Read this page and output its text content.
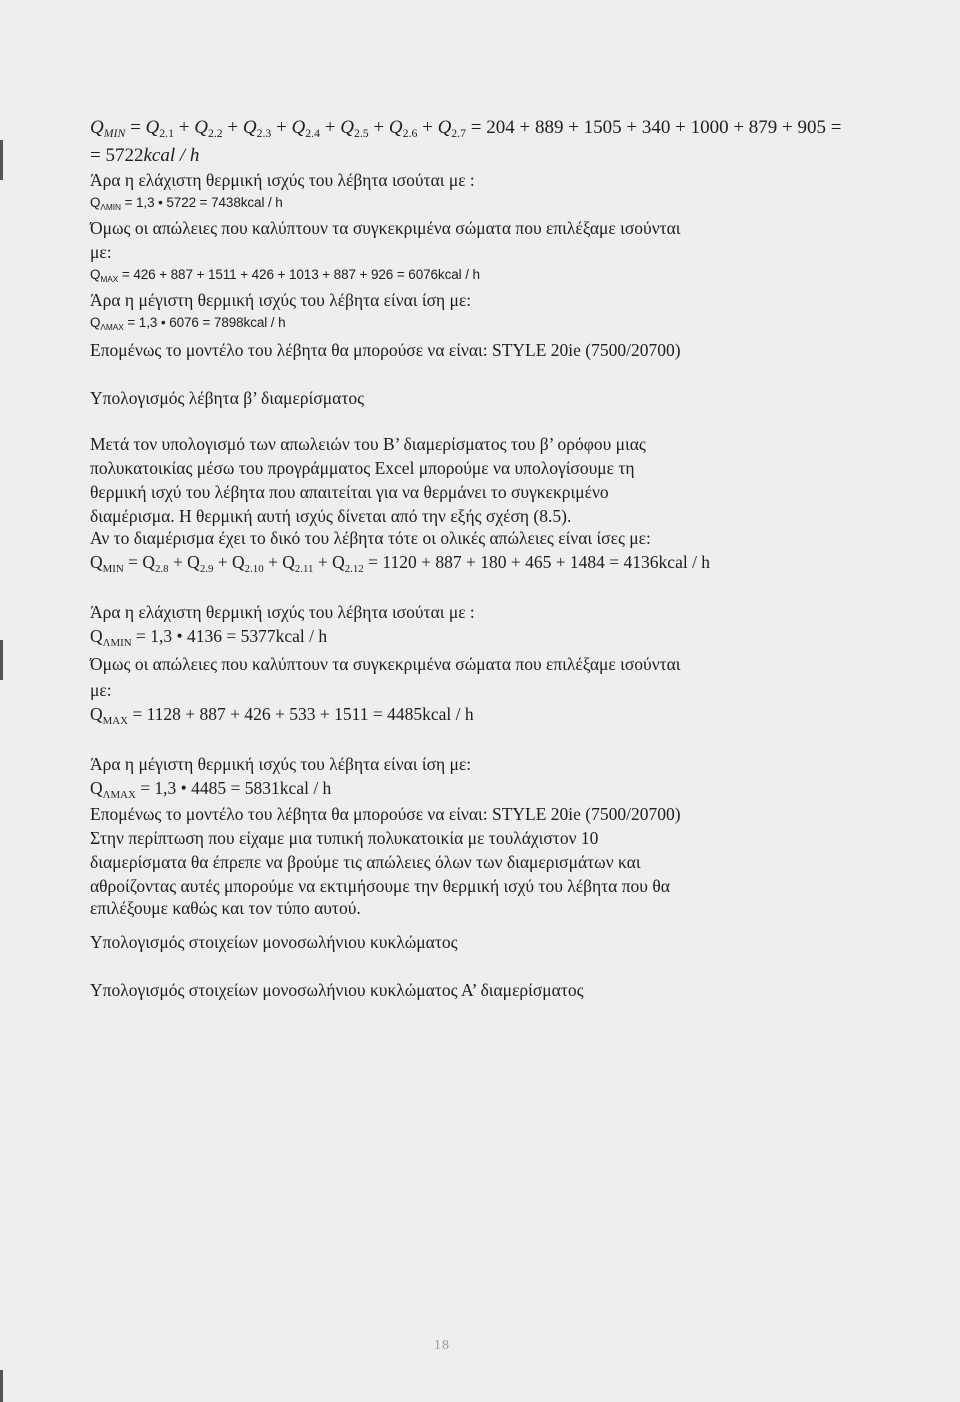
$Q_{MIN} = Q_{2.1} + Q_{2.2} + Q_{2.3} + Q_{2.4} + Q_{2.5} + Q_{2.6} + Q_{2.7} = 204 + 889 + 1505 + 340 + 1000 + 879 + 905$ =
= 5722kcal / h
Άρα η ελάχιστη θερμική ισχύς του λέβητα ισούται με :
$Q_{\Lambda MIN} = 1,3$ • 5722 = 7438kcal / h
Όμως οι απώλειες που καλύπτουν τα συγκεκριμένα σώματα που επιλέξαμε ισούνται
με:
$Q_{MAX} = 426 + 887 + 1511 + 426 + 1013 + 887 + 926$ = 6076kcal / h
Άρα η μέγιστη θερμική ισχύς του λέβητα είναι ίση με:
$Q_{\Lambda MAX} = 1,3$ • 6076 = 7898kcal / h
Επομένως το μοντέλο του λέβητα θα μπορούσε να είναι: STYLE 20ie (7500/20700)
Υπολογισμός λέβητα β’ διαμερίσματος
Μετά τον υπολογισμό των απωλειών του Β’ διαμερίσματος του β’ ορόφου μιας
πολυκατοικίας μέσω του προγράμματος Excel μπορούμε να υπολογίσουμε τη
θερμική ισχύ του λέβητα που απαιτείται για να θερμάνει το συγκεκριμένο
διαμέρισμα. Η θερμική αυτή ισχύς δίνεται από την εξής σχέση (8.5).
Αν το διαμέρισμα έχει το δικό του λέβητα τότε οι ολικές απώλειες είναι ίσες με:
$Q_{MIN} = Q_{2.8} + Q_{2.9} + Q_{2.10} + Q_{2.11} + Q_{2.12} = 1120 + 887 + 180 + 465 + 1484$ = 4136kcal / h
Άρα η ελάχιστη θερμική ισχύς του λέβητα ισούται με :
$Q_{\Lambda MIN} = 1,3$ • 4136 = 5377kcal / h
Όμως οι απώλειες που καλύπτουν τα συγκεκριμένα σώματα που επιλέξαμε ισούνται
με:
$Q_{MAX} = 1128 + 887 + 426 + 533 + 1511$ = 4485kcal / h
Άρα η μέγιστη θερμική ισχύς του λέβητα είναι ίση με:
$Q_{\Lambda MAX} = 1,3$ • 4485 = 5831kcal / h
Επομένως το μοντέλο του λέβητα θα μπορούσε να είναι: STYLE 20ie (7500/20700)
Στην περίπτωση που είχαμε μια τυπική πολυκατοικία με τουλάχιστον 10
διαμερίσματα θα έπρεπε να βρούμε τις απώλειες όλων των διαμερισμάτων και
αθροίζοντας αυτές μπορούμε να εκτιμήσουμε την θερμική ισχύ του λέβητα που θα
επιλέξουμε καθώς και τον τύπο αυτού.
Υπολογισμός στοιχείων μονοσωλήνιου κυκλώματος
Υπολογισμός στοιχείων μονοσωλήνιου κυκλώματος Α’ διαμερίσματος
18
